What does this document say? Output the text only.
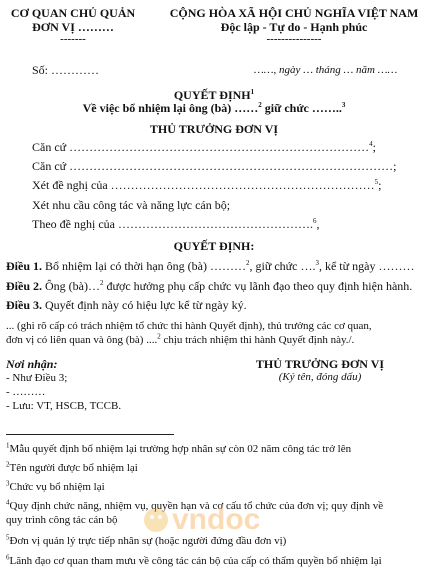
CƠ QUAN CHỦ QUẢN
ĐƠN VỊ ………
-------
CỘNG HÒA XÃ HỘI CHỦ NGHĨA VIỆT NAM
Độc lập - Tự do - Hạnh phúc
---------------
Số: …………	……, ngày … tháng … năm ……
QUYẾT ĐỊNH$^1$
Về việc bổ nhiệm lại ông (bà) ……$^2$ giữ chức ……..$^3$
THỦ TRƯỞNG ĐƠN VỊ
Căn cứ …………………………………………………………………$^4$;
Căn cứ ………………………………………………………………………;
Xét đề nghị của …………………………………………………………$^5$;
Xét nhu cầu công tác và năng lực cán bộ;
Theo đề nghị của ………………………………………….$^6$,
QUYẾT ĐỊNH:
Điều 1. Bổ nhiệm lại có thời hạn ông (bà) ………$^2$, giữ chức ….$^3$, kể từ ngày ………
Điều 2. Ông (bà)…$^2$ được hưởng phụ cấp chức vụ lãnh đạo theo quy định hiện hành.
Điều 3. Quyết định này có hiệu lực kể từ ngày ký.
... (ghi rõ cấp có trách nhiệm tổ chức thi hành Quyết định), thủ trưởng các cơ quan,
đơn vị có liên quan và ông (bà) ....$^2$ chịu trách nhiệm thi hành Quyết định này./.
Nơi nhận:
- Như Điều 3;
- ………
- Lưu: VT, HSCB, TCCB.
THỦ TRƯỞNG ĐƠN VỊ
(Ký tên, đóng dấu)
$^1$Mẫu quyết định bổ nhiệm lại trường hợp nhân sự còn 02 năm công tác trở lên
$^2$Tên người được bổ nhiệm lại
$^3$Chức vụ bổ nhiệm lại
$^4$Quy định chức năng, nhiệm vụ, quyền hạn và cơ cấu tổ chức của đơn vị; quy định về
quy trình công tác cán bộ
$^5$Đơn vị quản lý trực tiếp nhân sự (hoặc người đứng đầu đơn vị)
$^6$Lãnh đạo cơ quan tham mưu về công tác cán bộ của cấp có thẩm quyền bổ nhiệm lại
vndoc
